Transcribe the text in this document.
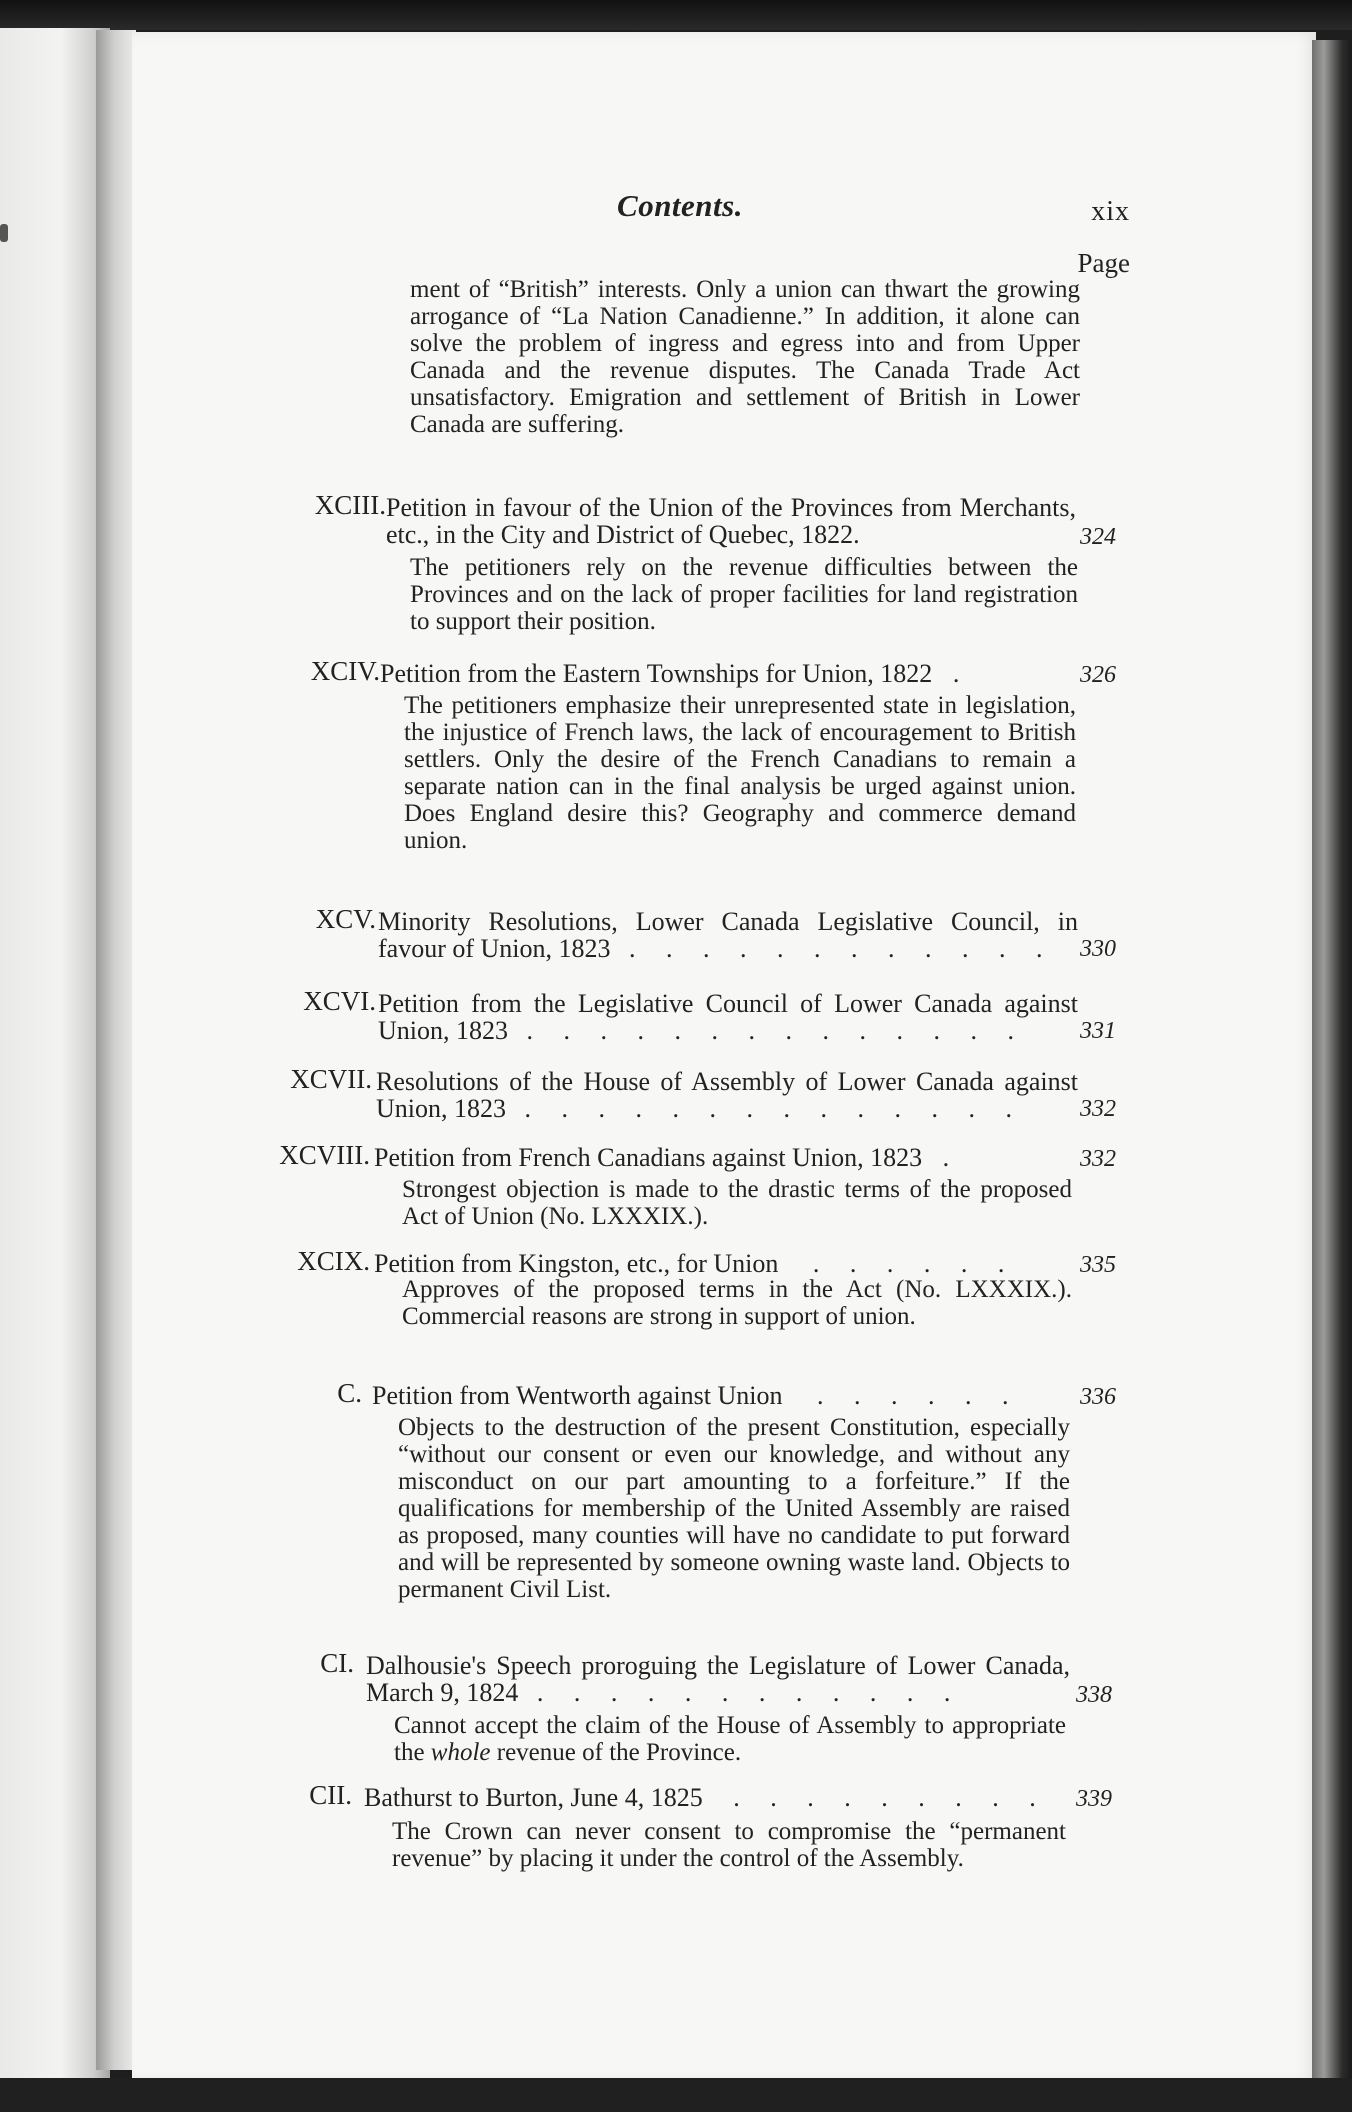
Contents.	xix
Page
ment of “British” interests. Only a union can thwart the growing arrogance of “La Nation Canadienne.” In addition, it alone can solve the problem of ingress and egress into and from Upper Canada and the revenue disputes. The Canada Trade Act unsatisfactory. Emigration and settlement of British in Lower Canada are suffering.
XCIII. Petition in favour of the Union of the Provinces from Merchants, etc., in the City and District of Quebec, 1822.	324
The petitioners rely on the revenue difficulties between the Provinces and on the lack of proper facilities for land registration to support their position.
XCIV. Petition from the Eastern Townships for Union, 1822 .	326
The petitioners emphasize their unrepresented state in legislation, the injustice of French laws, the lack of encouragement to British settlers. Only the desire of the French Canadians to remain a separate nation can in the final analysis be urged against union. Does England desire this? Geography and commerce demand union.
XCV. Minority Resolutions, Lower Canada Legislative Council, in favour of Union, 1823 . . . . . . . . . . . .	330
XCVI. Petition from the Legislative Council of Lower Canada against Union, 1823 . . . . . . . . . . . . . .	331
XCVII. Resolutions of the House of Assembly of Lower Canada against Union, 1823 . . . . . . . . . . . . . .	332
XCVIII. Petition from French Canadians against Union, 1823 .	332
Strongest objection is made to the drastic terms of the proposed Act of Union (No. LXXXIX.).
XCIX. Petition from Kingston, etc., for Union . . . . . .	335
Approves of the proposed terms in the Act (No. LXXXIX.). Commercial reasons are strong in support of union.
C. Petition from Wentworth against Union . . . . . .	336
Objects to the destruction of the present Constitution, especially “without our consent or even our knowledge, and without any misconduct on our part amounting to a forfeiture.” If the qualifications for membership of the United Assembly are raised as proposed, many counties will have no candidate to put forward and will be represented by someone owning waste land. Objects to permanent Civil List.
CI. Dalhousie's Speech proroguing the Legislature of Lower Canada, March 9, 1824 . . . . . . . . . . . .	338
Cannot accept the claim of the House of Assembly to appropriate the whole revenue of the Province.
CII. Bathurst to Burton, June 4, 1825 . . . . . . . . .	339
The Crown can never consent to compromise the “permanent revenue” by placing it under the control of the Assembly.
